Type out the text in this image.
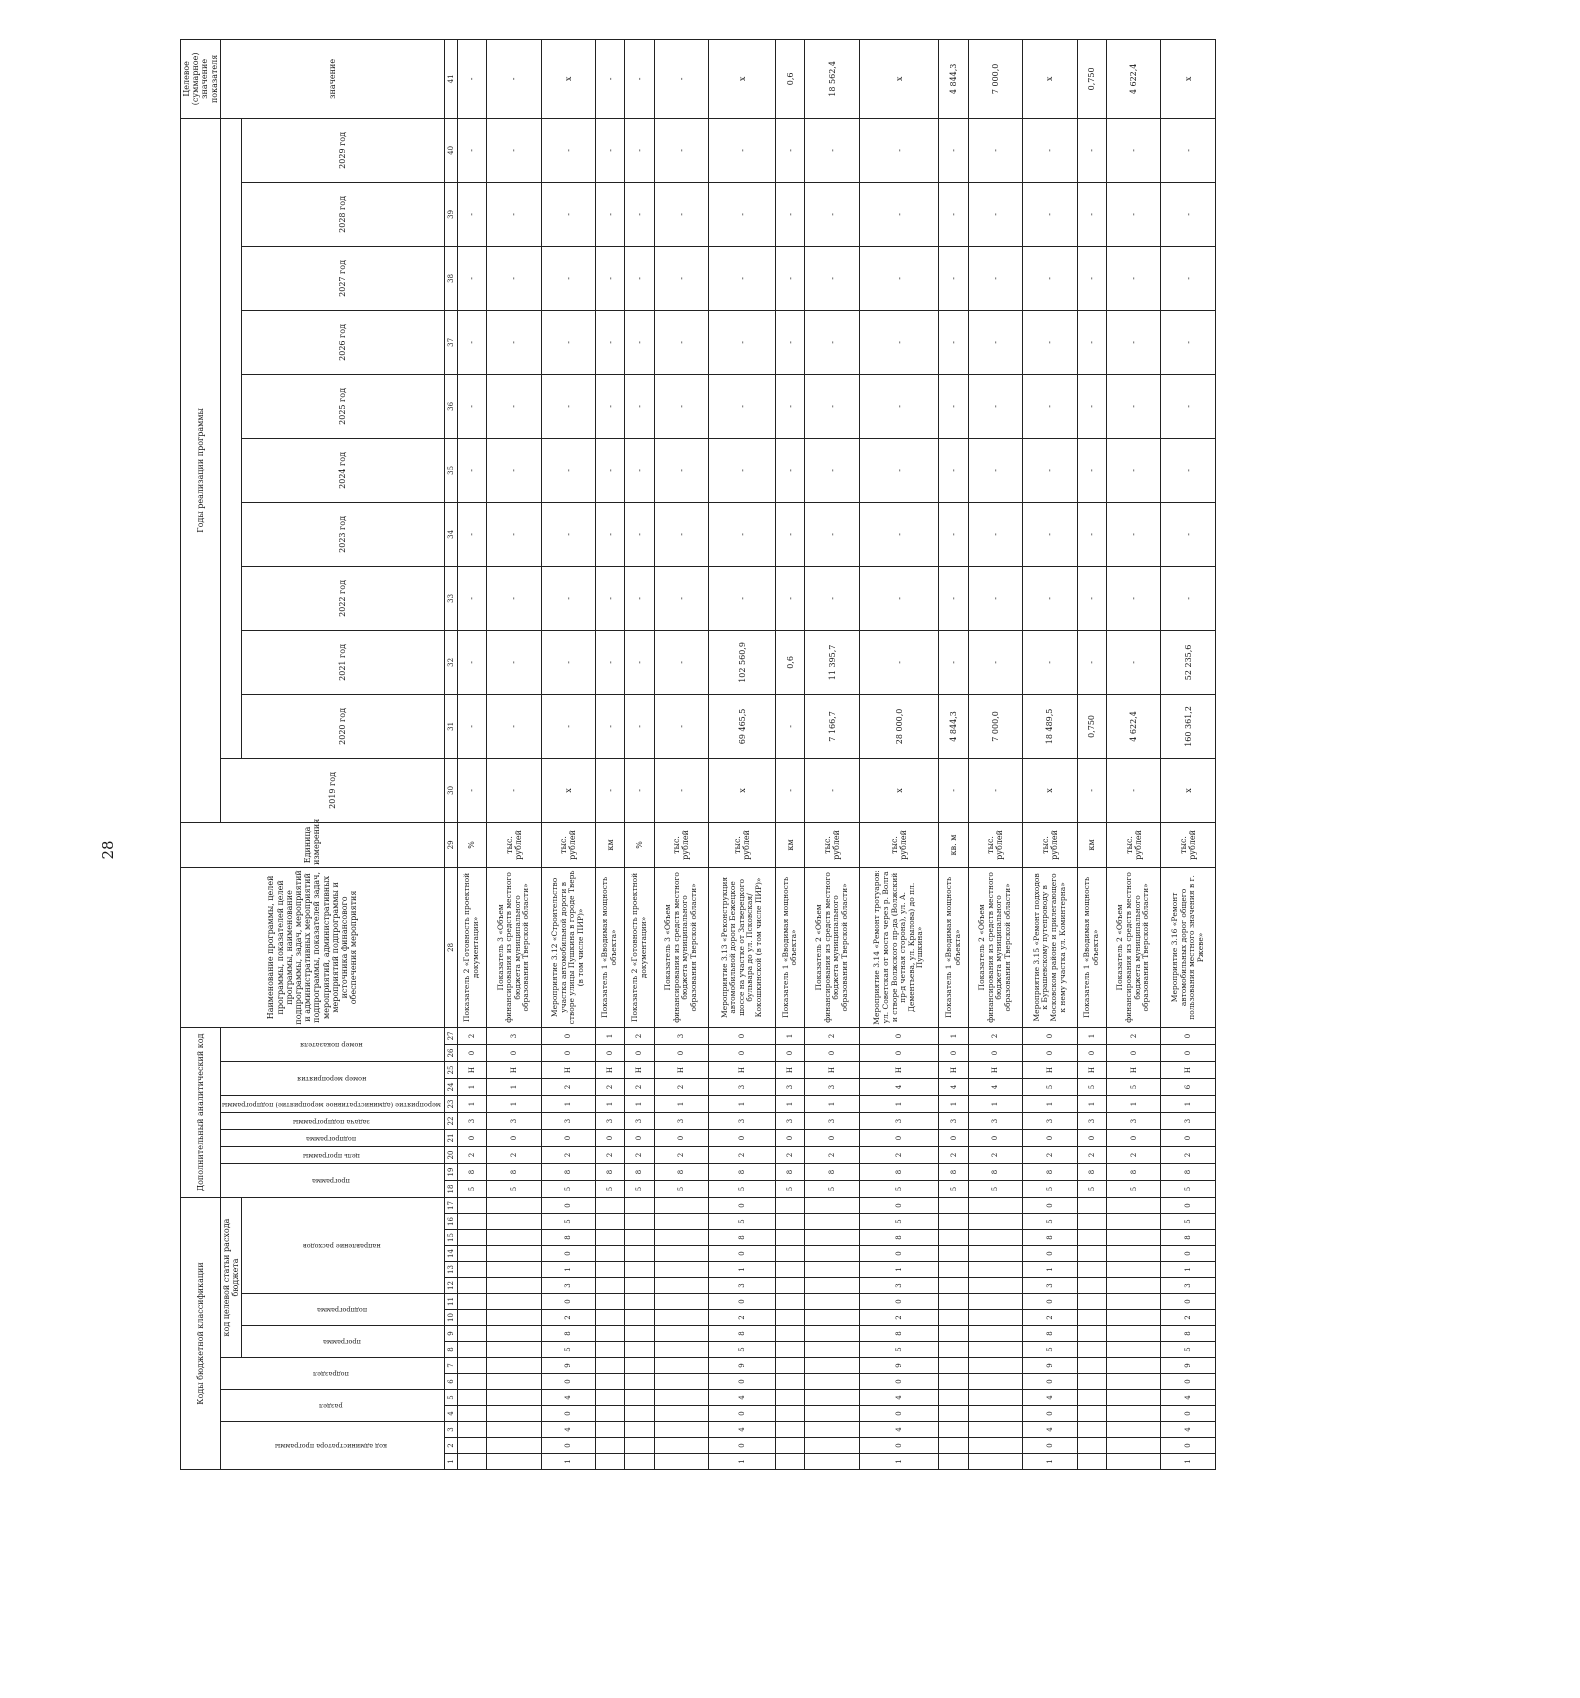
28
Коды бюджетной классификации																	Дополнительный аналитический код										Наименование программы, целей программы, показателей целей программы, наименование подпрограммы, задач, мероприятий и административных мероприятий подпрограммы, показателей задач, мероприятий, административных мероприятий подпрограммы и источника финансового обеспечения мероприятия	Единица измерения	Годы реализации программы											Целевое (суммарное) значение показателя
код администратора программы			раздел		подраздел		код целевой статьи расхода бюджета										программа		цель программы	подпрограмма	задача подпрограммы	мероприятие (административное мероприятие) подпрограммы	номер мероприятия		номер показателя				2019 год											значение
							программа		подпрограмма		направление расходов																			2020 год	2021 год	2022 год	2023 год	2024 год	2025 год	2026 год	2027 год	2028 год	2029 год	

1	2	3	4	5	6	7	8	9	10	11	12	13	14	15	16	17	18	19	20	21	22	23	24	25	26	27	28	29	30	31	32	33	34	35	36	37	38	39	40	41
																	5	8	2	0	3	1	1	Н	0	2	Показатель 2 «Готовность проектной документации»	%	-	-	-	-	-	-	-	-	-	-	-	-
																	5	8	2	0	3	1	1	Н	0	3	Показатель 3 «Объем финансирования из средств местного бюджета муниципального образования Тверской области»	тыс. рублей	-	-	-	-	-	-	-	-	-	-	-	-
1	0	4	0	4	0	9	5	8	2	0	3	1	0	8	5	0	5	8	2	0	3	1	2	Н	0	0	Мероприятие 3.12 «Строительство участка автомобильной дороги в створе улицы Пушкина в городе Тверь (в том числе ПИР)»	тыс. рублей	х	-	-	-	-	-	-	-	-	-	-	х
																	5	8	2	0	3	1	2	Н	0	1	Показатель 1 «Вводимая мощность объекта»	км	-	-	-	-	-	-	-	-	-	-	-	-
																	5	8	2	0	3	1	2	Н	0	2	Показатель 2 «Готовность проектной документации»	%	-	-	-	-	-	-	-	-	-	-	-	-
																	5	8	2	0	3	1	2	Н	0	3	Показатель 3 «Объем финансирования из средств местного бюджета муниципального образования Тверской области»	тыс. рублей	-	-	-	-	-	-	-	-	-	-	-	-
1	0	4	0	4	0	9	5	8	2	0	3	1	0	8	5	0	5	8	2	0	3	1	3	Н	0	0	Мероприятие 3.13 «Реконструкция автомобильной дороги Бежецкое шоссе на участке от Затверецкого бульвара до ул. Псковская/Кокошкинской (в том числе ПИР)»	тыс. рублей	х	69 465,5	102 560,9	-	-	-	-	-	-	-	-	х
																	5	8	2	0	3	1	3	Н	0	1	Показатель 1 «Вводимая мощность объекта»	км	-	-	0,6	-	-	-	-	-	-	-	-	0,6
																	5	8	2	0	3	1	3	Н	0	2	Показатель 2 «Объем финансирования из средств местного бюджета муниципального образования Тверской области»	тыс. рублей	-	7 166,7	11 395,7	-	-	-	-	-	-	-	-	18 562,4
1	0	4	0	4	0	9	5	8	2	0	3	1	0	8	5	0	5	8	2	0	3	1	4	Н	0	0	Мероприятие 3.14 «Ремонт тротуаров: ул. Советская от моста через р. Волга и створе Волжского пр-да (Волжский пр-д четная сторона), ул. А. Дементьева, ул. Крылова) до пл. Пушкина»	тыс. рублей	х	28 000,0	-	-	-	-	-	-	-	-	-	х
																	5	8	2	0	3	1	4	Н	0	1	Показатель 1 «Вводимая мощность объекта»	кв. м	-	4 844,3	-	-	-	-	-	-	-	-	-	4 844,3
																	5	8	2	0	3	1	4	Н	0	2	Показатель 2 «Объем финансирования из средств местного бюджета муниципального образования Тверской области»	тыс. рублей	-	7 000,0	-	-	-	-	-	-	-	-	-	7 000,0
1	0	4	0	4	0	9	5	8	2	0	3	1	0	8	5	0	5	8	2	0	3	1	5	Н	0	0	Мероприятие 3.15 «Ремонт подходов к Бурашевскому путепроводу в Московском районе и прилегающего к нему участка ул. Коминтерна»	тыс. рублей	х	18 489,5	-	-	-	-	-	-	-	-	-	х
																	5	8	2	0	3	1	5	Н	0	1	Показатель 1 «Вводимая мощность объекта»	км	-	0,750	-	-	-	-	-	-	-	-	-	0,750
																	5	8	2	0	3	1	5	Н	0	2	Показатель 2 «Объем финансирования из средств местного бюджета муниципального образования Тверской области»	тыс. рублей	-	4 622,4	-	-	-	-	-	-	-	-	-	4 622,4
1	0	4	0	4	0	9	5	8	2	0	3	1	0	8	5	0	5	8	2	0	3	1	6	Н	0	0	Мероприятие 3.16 «Ремонт автомобильных дорог общего пользования местного значения в г. Ржеве»	тыс. рублей	х	160 361,2	52 235,6	-	-	-	-	-	-	-	-	х
